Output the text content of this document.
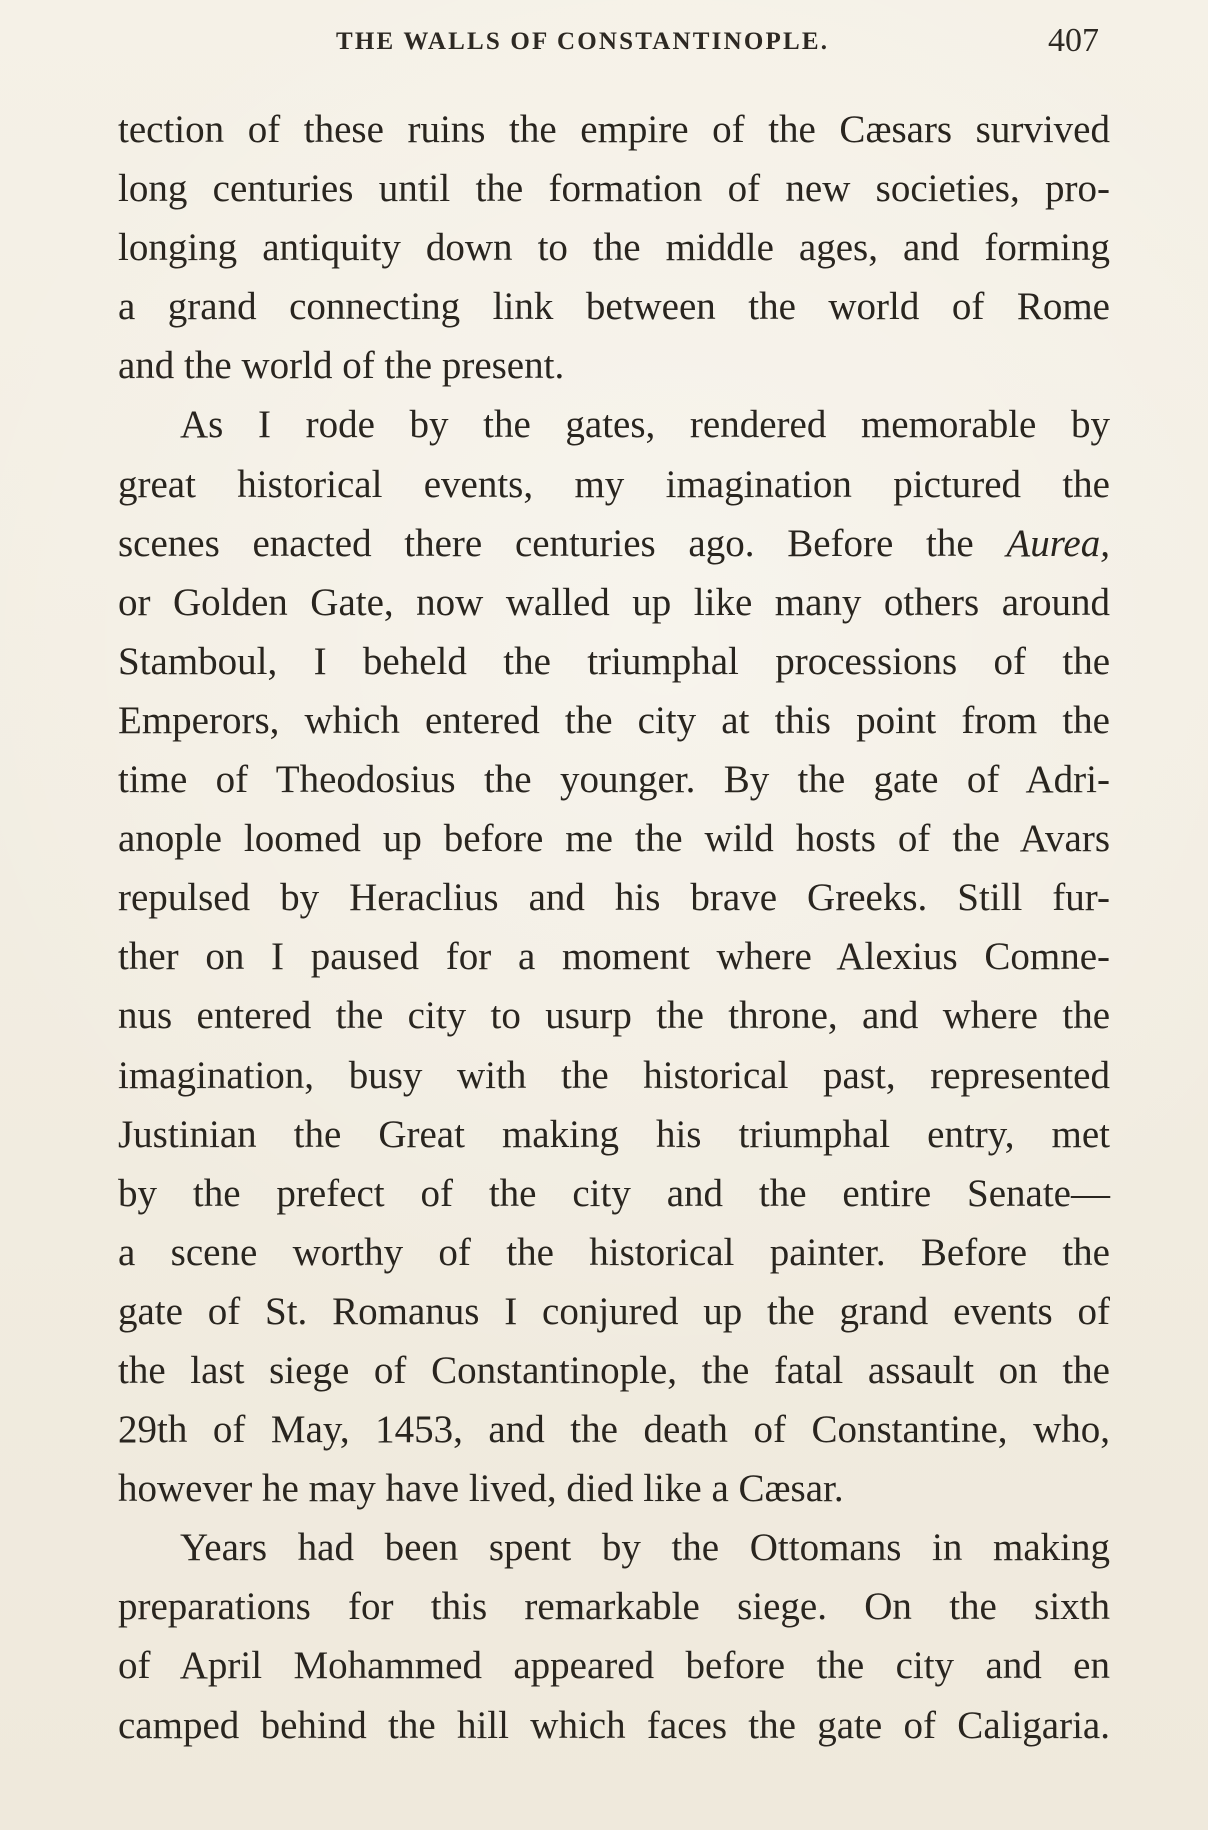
THE WALLS OF CONSTANTINOPLE.	407
tection of these ruins the empire of the Cæsars survived
long centuries until the formation of new societies, pro-
longing antiquity down to the middle ages, and forming
a grand connecting link between the world of Rome
and the world of the present.
As I rode by the gates, rendered memorable by
great historical events, my imagination pictured the
scenes enacted there centuries ago. Before the Aurea,
or Golden Gate, now walled up like many others around
Stamboul, I beheld the triumphal processions of the
Emperors, which entered the city at this point from the
time of Theodosius the younger. By the gate of Adri-
anople loomed up before me the wild hosts of the Avars
repulsed by Heraclius and his brave Greeks. Still fur-
ther on I paused for a moment where Alexius Comne-
nus entered the city to usurp the throne, and where the
imagination, busy with the historical past, represented
Justinian the Great making his triumphal entry, met
by the prefect of the city and the entire Senate—
a scene worthy of the historical painter. Before the
gate of St. Romanus I conjured up the grand events of
the last siege of Constantinople, the fatal assault on the
29th of May, 1453, and the death of Constantine, who,
however he may have lived, died like a Cæsar.
Years had been spent by the Ottomans in making
preparations for this remarkable siege. On the sixth
of April Mohammed appeared before the city and en
camped behind the hill which faces the gate of Caligaria.
